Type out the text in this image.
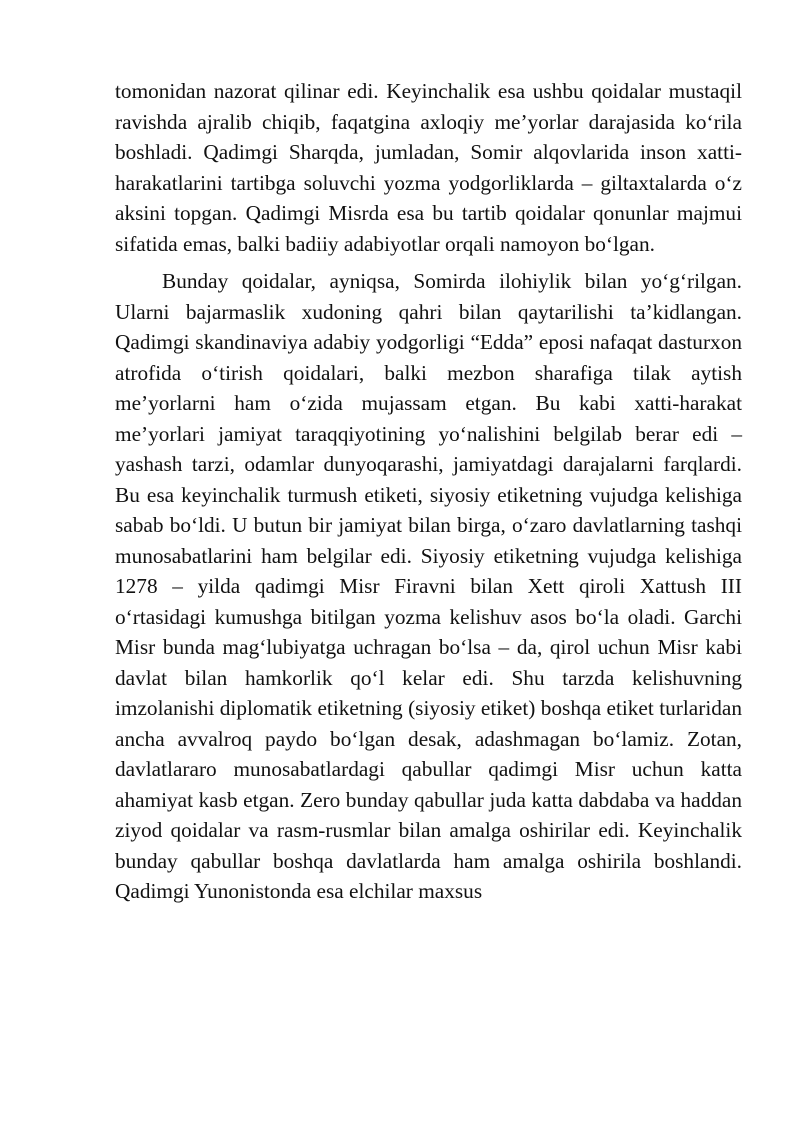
tomonidan nazorat qilinar edi. Keyinchalik esa ushbu qoidalar mustaqil ravishda ajralib chiqib, faqatgina axloqiy me’yorlar darajasida ko‘rila boshladi. Qadimgi Sharqda, jumladan, Somir alqovlarida inson xatti-harakatlarini tartibga soluvchi yozma yodgorliklarda – giltaxtalarda o‘z aksini topgan. Qadimgi Misrda esa bu tartib qoidalar qonunlar majmui sifatida emas, balki badiiy adabiyotlar orqali namoyon bo‘lgan.

Bunday qoidalar, ayniqsa, Somirda ilohiylik bilan yo‘g‘rilgan. Ularni bajarmaslik xudoning qahri bilan qaytarilishi ta’kidlangan. Qadimgi skandinaviya adabiy yodgorligi “Edda” eposi nafaqat dasturxon atrofida o‘tirish qoidalari, balki mezbon sharafiga tilak aytish me’yorlarni ham o‘zida mujassam etgan. Bu kabi xatti-harakat me’yorlari jamiyat taraqqiyotining yo‘nalishini belgilab berar edi – yashash tarzi, odamlar dunyoqarashi, jamiyatdagi darajalarni farqlardi. Bu esa keyinchalik turmush etiketi, siyosiy etiketning vujudga kelishiga sabab bo‘ldi. U butun bir jamiyat bilan birga, o‘zaro davlatlarning tashqi munosabatlarini ham belgilar edi. Siyosiy etiketning vujudga kelishiga 1278 – yilda qadimgi Misr Firavni bilan Xett qiroli Xattush III o‘rtasidagi kumushga bitilgan yozma kelishuv asos bo‘la oladi. Garchi Misr bunda mag‘lubiyatga uchragan bo‘lsa – da, qirol uchun Misr kabi davlat bilan hamkorlik qo‘l kelar edi. Shu tarzda kelishuvning imzolanishi diplomatik etiketning (siyosiy etiket) boshqa etiket turlaridan ancha avvalroq paydo bo‘lgan desak, adashmagan bo‘lamiz. Zotan, davlatlararo munosabatlardagi qabullar qadimgi Misr uchun katta ahamiyat kasb etgan. Zero bunday qabullar juda katta dabdaba va haddan ziyod qoidalar va rasm-rusmlar bilan amalga oshirilar edi. Keyinchalik bunday qabullar boshqa davlatlarda ham amalga oshirila boshlandi. Qadimgi Yunonistonda esa elchilar maxsus
